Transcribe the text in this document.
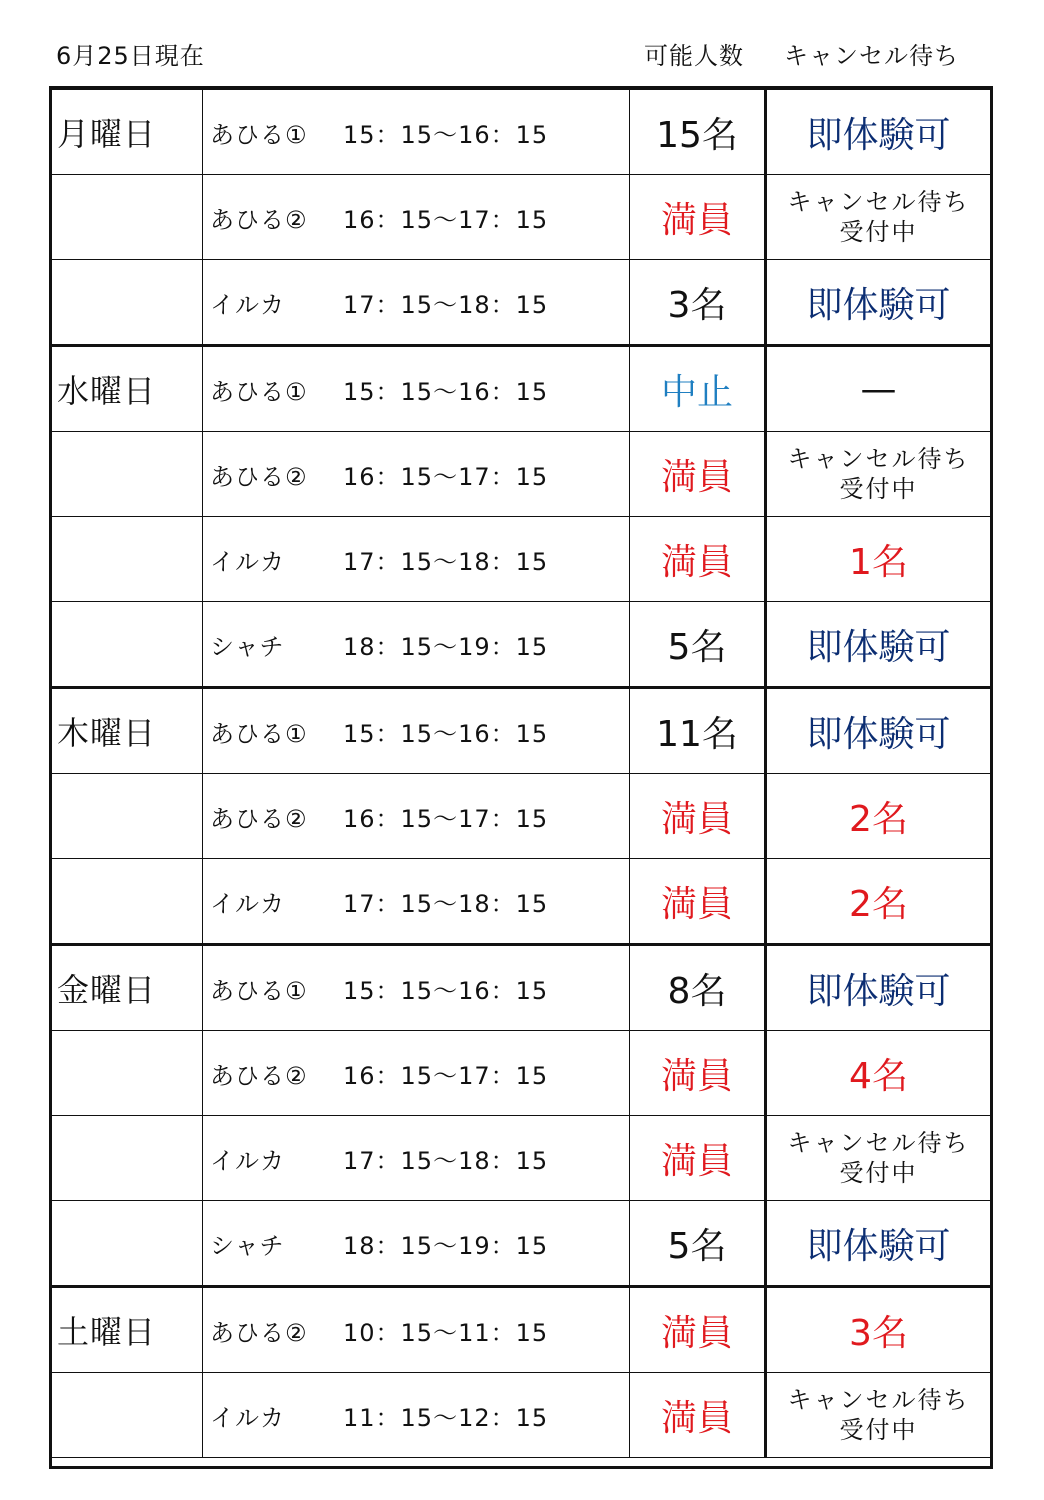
6月25日現在	可能人数 キャンセル待ち
月曜日	あひる① 15：15〜16：15	15名	即体験可
	あひる② 16：15〜17：15	満員	キャンセル待ち
受付中
	イルカ 17：15〜18：15	3名	即体験可
水曜日	あひる① 15：15〜16：15	中止	—
	あひる② 16：15〜17：15	満員	キャンセル待ち
受付中
	イルカ 17：15〜18：15	満員	1名
	シャチ 18：15〜19：15	5名	即体験可
木曜日	あひる① 15：15〜16：15	11名	即体験可
	あひる② 16：15〜17：15	満員	2名
	イルカ 17：15〜18：15	満員	2名
金曜日	あひる① 15：15〜16：15	8名	即体験可
	あひる② 16：15〜17：15	満員	4名
	イルカ 17：15〜18：15	満員	キャンセル待ち
受付中
	シャチ 18：15〜19：15	5名	即体験可
土曜日	あひる② 10：15〜11：15	満員	3名
	イルカ 11：15〜12：15	満員	キャンセル待ち
受付中
